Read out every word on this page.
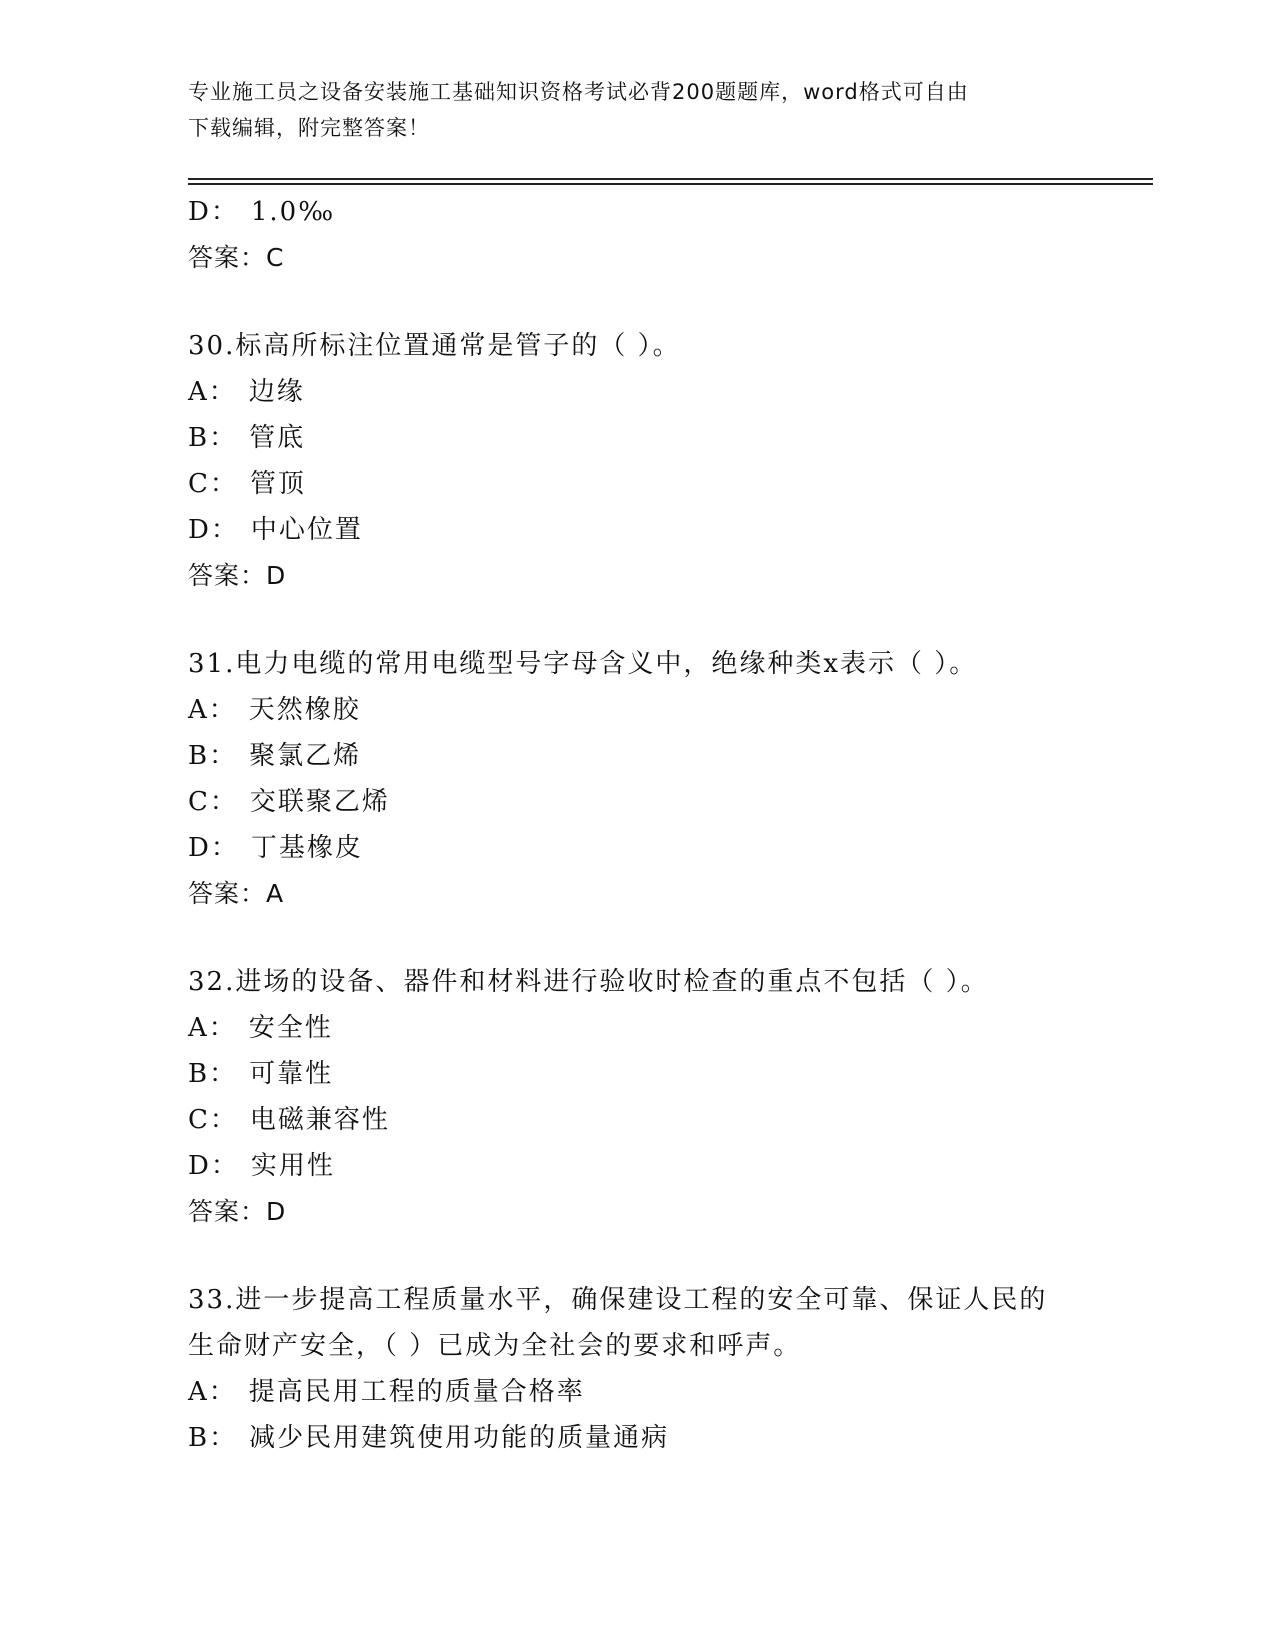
专业施工员之设备安装施工基础知识资格考试必背200题题库，word格式可自由
下载编辑，附完整答案！
D： 1.0‰
答案：C
30.标高所标注位置通常是管子的（ ）。
A： 边缘
B： 管底
C： 管顶
D： 中心位置
答案：D
31.电力电缆的常用电缆型号字母含义中，绝缘种类x表示（ ）。
A： 天然橡胶
B： 聚氯乙烯
C： 交联聚乙烯
D： 丁基橡皮
答案：A
32.进场的设备、器件和材料进行验收时检查的重点不包括（ ）。
A： 安全性
B： 可靠性
C： 电磁兼容性
D： 实用性
答案：D
33.进一步提高工程质量水平，确保建设工程的安全可靠、保证人民的
生命财产安全，（ ）已成为全社会的要求和呼声。
A： 提高民用工程的质量合格率
B： 减少民用建筑使用功能的质量通病
